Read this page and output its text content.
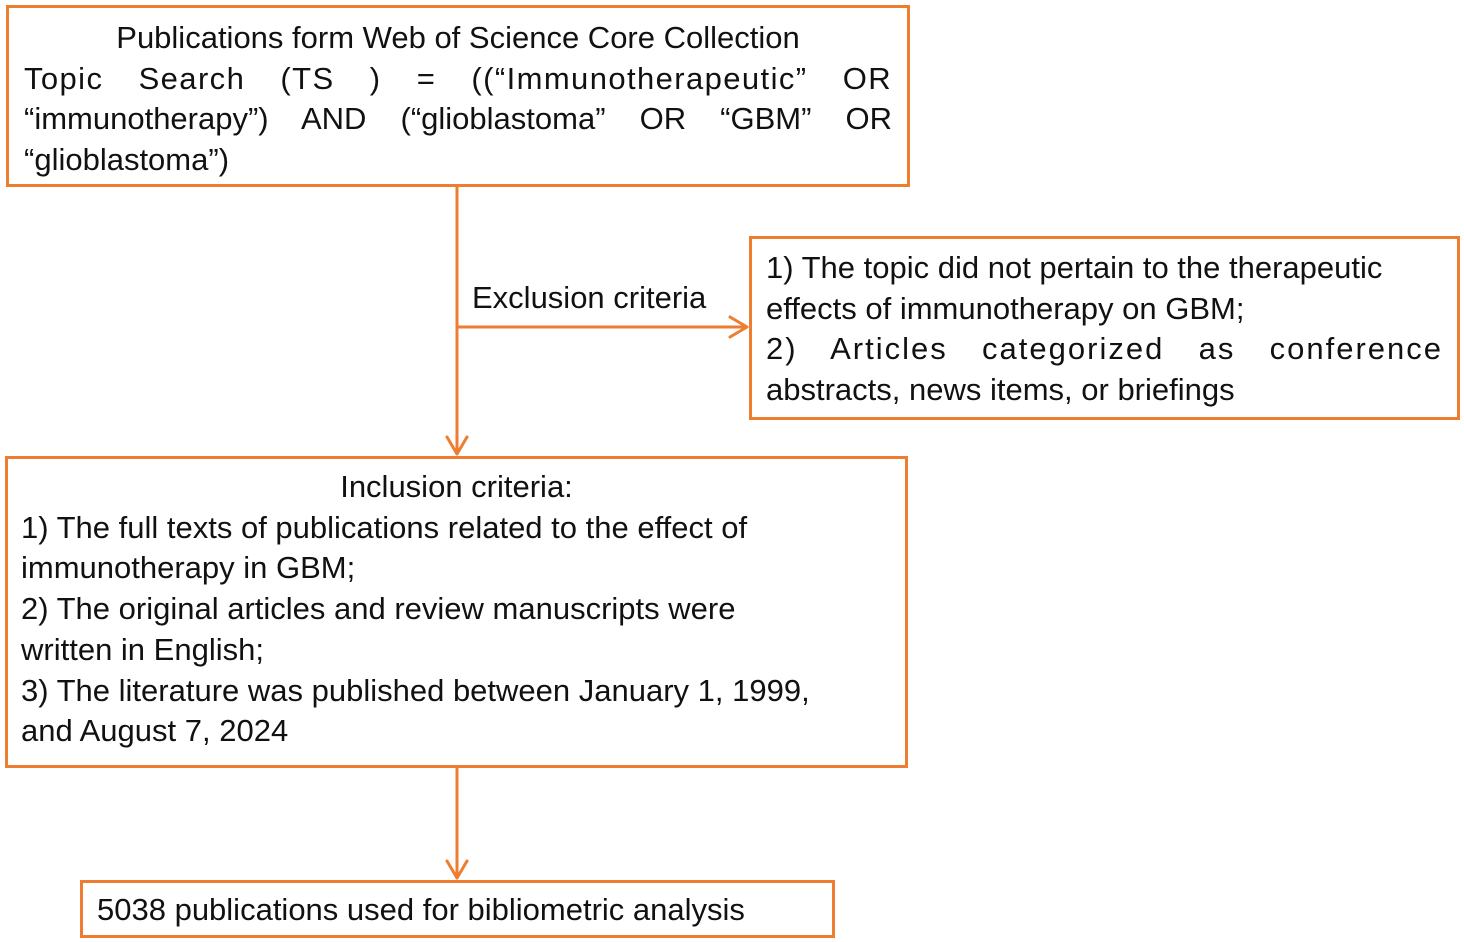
Publications form Web of Science Core Collection
Topic Search (TS ) = ((“Immunotherapeutic” OR
“immunotherapy”) AND (“glioblastoma” OR “GBM” OR
“glioblastoma”)
Exclusion criteria
1) The topic did not pertain to the therapeutic
effects of immunotherapy on GBM;
2) Articles categorized as conference
abstracts, news items, or briefings
Inclusion criteria:
1) The full texts of publications related to the effect of
immunotherapy in GBM;
2) The original articles and review manuscripts were
written in English;
3) The literature was published between January 1, 1999,
and August 7, 2024
5038 publications used for bibliometric analysis
